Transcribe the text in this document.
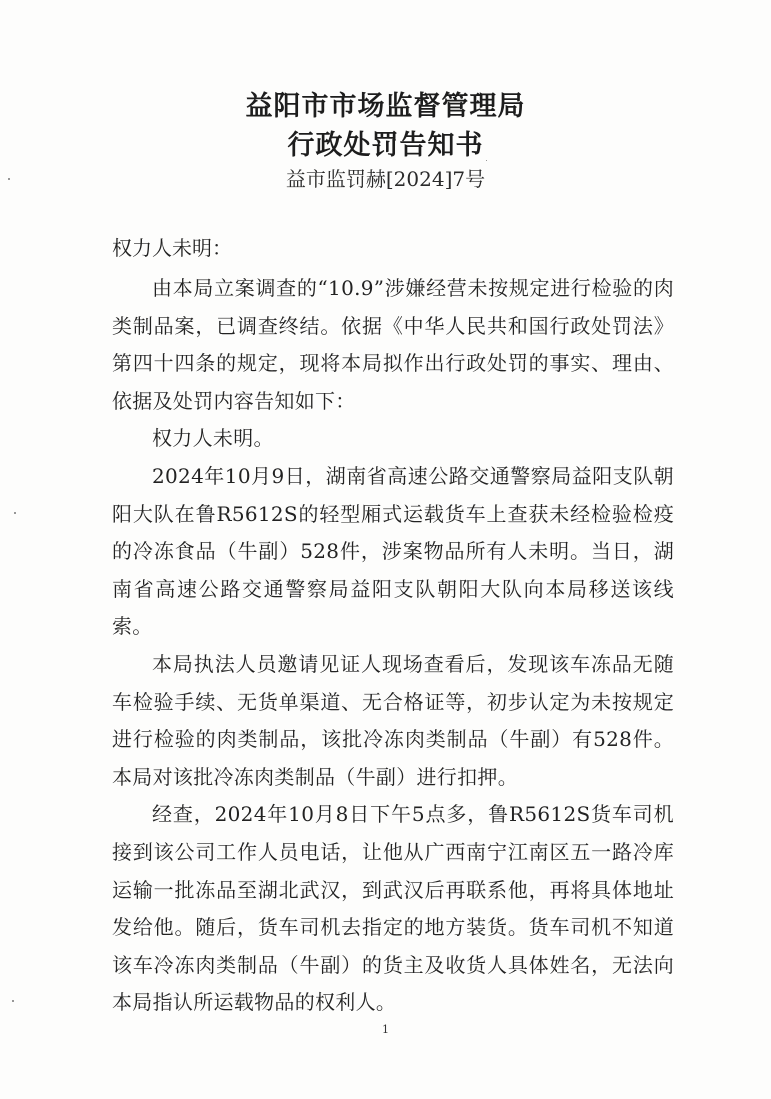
益阳市市场监督管理局
行政处罚告知书
益市监罚赫[2024]7号
权力人未明：

由本局立案调查的“10.9”涉嫌经营未按规定进行检验的肉类制品案，已调查终结。依据《中华人民共和国行政处罚法》第四十四条的规定，现将本局拟作出行政处罚的事实、理由、依据及处罚内容告知如下：

权力人未明。

2024年10月9日，湖南省高速公路交通警察局益阳支队朝阳大队在鲁R5612S的轻型厢式运载货车上查获未经检验检疫的冷冻食品（牛副）528件，涉案物品所有人未明。当日，湖南省高速公路交通警察局益阳支队朝阳大队向本局移送该线索。

本局执法人员邀请见证人现场查看后，发现该车冻品无随车检验手续、无货单渠道、无合格证等，初步认定为未按规定进行检验的肉类制品，该批冷冻肉类制品（牛副）有528件。本局对该批冷冻肉类制品（牛副）进行扣押。

经查，2024年10月8日下午5点多，鲁R5612S货车司机接到该公司工作人员电话，让他从广西南宁江南区五一路冷库运输一批冻品至湖北武汉，到武汉后再联系他，再将具体地址发给他。随后，货车司机去指定的地方装货。货车司机不知道该车冷冻肉类制品（牛副）的货主及收货人具体姓名，无法向本局指认所运载物品的权利人。

1
